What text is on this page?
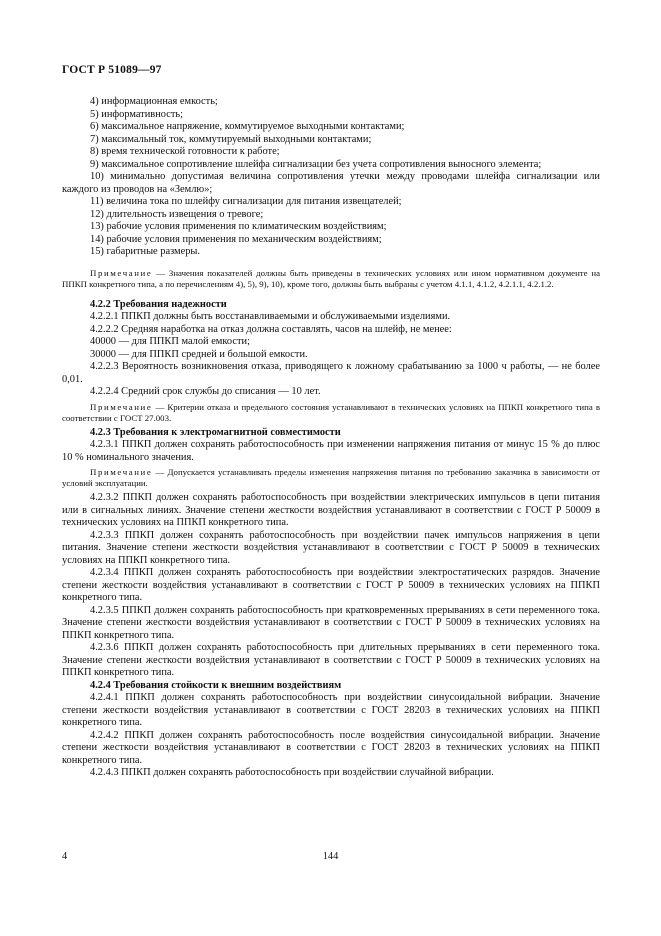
ГОСТ Р 51089—97

4) информационная емкость;

5) информативность;

6) максимальное напряжение, коммутируемое выходными контактами;

7) максимальный ток, коммутируемый выходными контактами;

8) время технической готовности к работе;

9) максимальное сопротивление шлейфа сигнализации без учета сопротивления выносного элемента;

10) минимально допустимая величина сопротивления утечки между проводами шлейфа сигнализации или каждого из проводов на «Землю»;

11) величина тока по шлейфу сигнализации для питания извещателей;

12) длительность извещения о тревоге;

13) рабочие условия применения по климатическим воздействиям;

14) рабочие условия применения по механическим воздействиям;

15) габаритные размеры.

Примечание — Значения показателей должны быть приведены в технических условиях или ином нормативном документе на ППКП конкретного типа, а по перечислениям 4), 5), 9), 10), кроме того, должны быть выбраны с учетом 4.1.1, 4.1.2, 4.2.1.1, 4.2.1.2.

4.2.2 Требования надежности

4.2.2.1 ППКП должны быть восстанавливаемыми и обслуживаемыми изделиями.

4.2.2.2 Средняя наработка на отказ должна составлять, часов на шлейф, не менее:

40000 — для ППКП малой емкости;

30000 — для ППКП средней и большой емкости.

4.2.2.3 Вероятность возникновения отказа, приводящего к ложному срабатыванию за 1000 ч работы, — не более 0,01.

4.2.2.4 Средний срок службы до списания — 10 лет.

Примечание — Критерии отказа и предельного состояния устанавливают в технических условиях на ППКП конкретного типа в соответствии с ГОСТ 27.003.

4.2.3 Требования к электромагнитной совместимости

4.2.3.1 ППКП должен сохранять работоспособность при изменении напряжения питания от минус 15 % до плюс 10 % номинального значения.

Примечание — Допускается устанавливать пределы изменения напряжения питания по требованию заказчика в зависимости от условий эксплуатации.

4.2.3.2 ППКП должен сохранять работоспособность при воздействии электрических импульсов в цепи питания или в сигнальных линиях. Значение степени жесткости воздействия устанавливают в соответствии с ГОСТ Р 50009 в технических условиях на ППКП конкретного типа.

4.2.3.3 ППКП должен сохранять работоспособность при воздействии пачек импульсов напряжения в цепи питания. Значение степени жесткости воздействия устанавливают в соответствии с ГОСТ Р 50009 в технических условиях на ППКП конкретного типа.

4.2.3.4 ППКП должен сохранять работоспособность при воздействии электростатических разрядов. Значение степени жесткости воздействия устанавливают в соответствии с ГОСТ Р 50009 в технических условиях на ППКП конкретного типа.

4.2.3.5 ППКП должен сохранять работоспособность при кратковременных прерываниях в сети переменного тока. Значение степени жесткости воздействия устанавливают в соответствии с ГОСТ Р 50009 в технических условиях на ППКП конкретного типа.

4.2.3.6 ППКП должен сохранять работоспособность при длительных прерываниях в сети переменного тока. Значение степени жесткости воздействия устанавливают в соответствии с ГОСТ Р 50009 в технических условиях на ППКП конкретного типа.

4.2.4 Требования стойкости к внешним воздействиям

4.2.4.1 ППКП должен сохранять работоспособность при воздействии синусоидальной вибрации. Значение степени жесткости воздействия устанавливают в соответствии с ГОСТ 28203 в технических условиях на ППКП конкретного типа.

4.2.4.2 ППКП должен сохранять работоспособность после воздействия синусоидальной вибрации. Значение степени жесткости воздействия устанавливают в соответствии с ГОСТ 28203 в технических условиях на ППКП конкретного типа.

4.2.4.3 ППКП должен сохранять работоспособность при воздействии случайной вибрации.

4	144
